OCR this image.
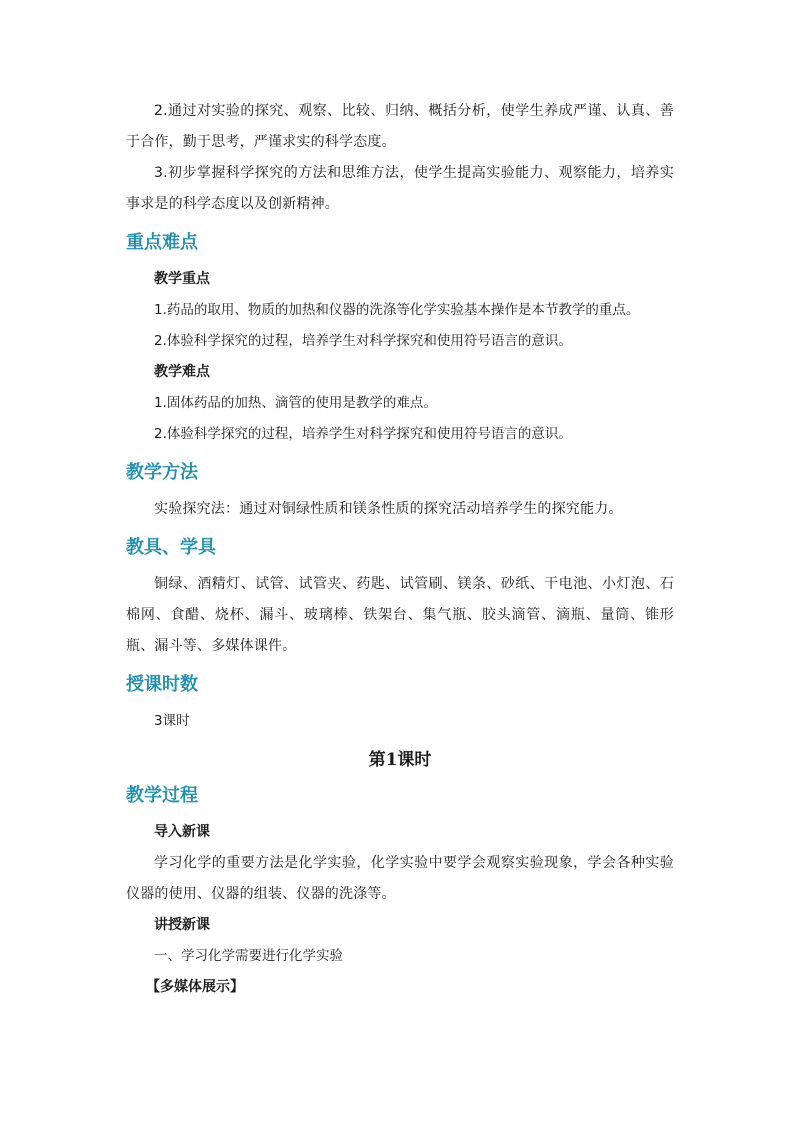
2.通过对实验的探究、观察、比较、归纳、概括分析，使学生养成严谨、认真、善于合作，勤于思考，严谨求实的科学态度。

3.初步掌握科学探究的方法和思维方法，使学生提高实验能力、观察能力，培养实事求是的科学态度以及创新精神。

重点难点

教学重点

1.药品的取用、物质的加热和仪器的洗涤等化学实验基本操作是本节教学的重点。

2.体验科学探究的过程，培养学生对科学探究和使用符号语言的意识。

教学难点

1.固体药品的加热、滴管的使用是教学的难点。

2.体验科学探究的过程，培养学生对科学探究和使用符号语言的意识。

教学方法

实验探究法：通过对铜绿性质和镁条性质的探究活动培养学生的探究能力。

教具、学具

铜绿、酒精灯、试管、试管夹、药匙、试管刷、镁条、砂纸、干电池、小灯泡、石棉网、食醋、烧杯、漏斗、玻璃棒、铁架台、集气瓶、胶头滴管、滴瓶、量筒、锥形瓶、漏斗等、多媒体课件。

授课时数

3课时

第1课时
教学过程

导入新课

学习化学的重要方法是化学实验，化学实验中要学会观察实验现象，学会各种实验仪器的使用、仪器的组装、仪器的洗涤等。

讲授新课

一、学习化学需要进行化学实验

【多媒体展示】
